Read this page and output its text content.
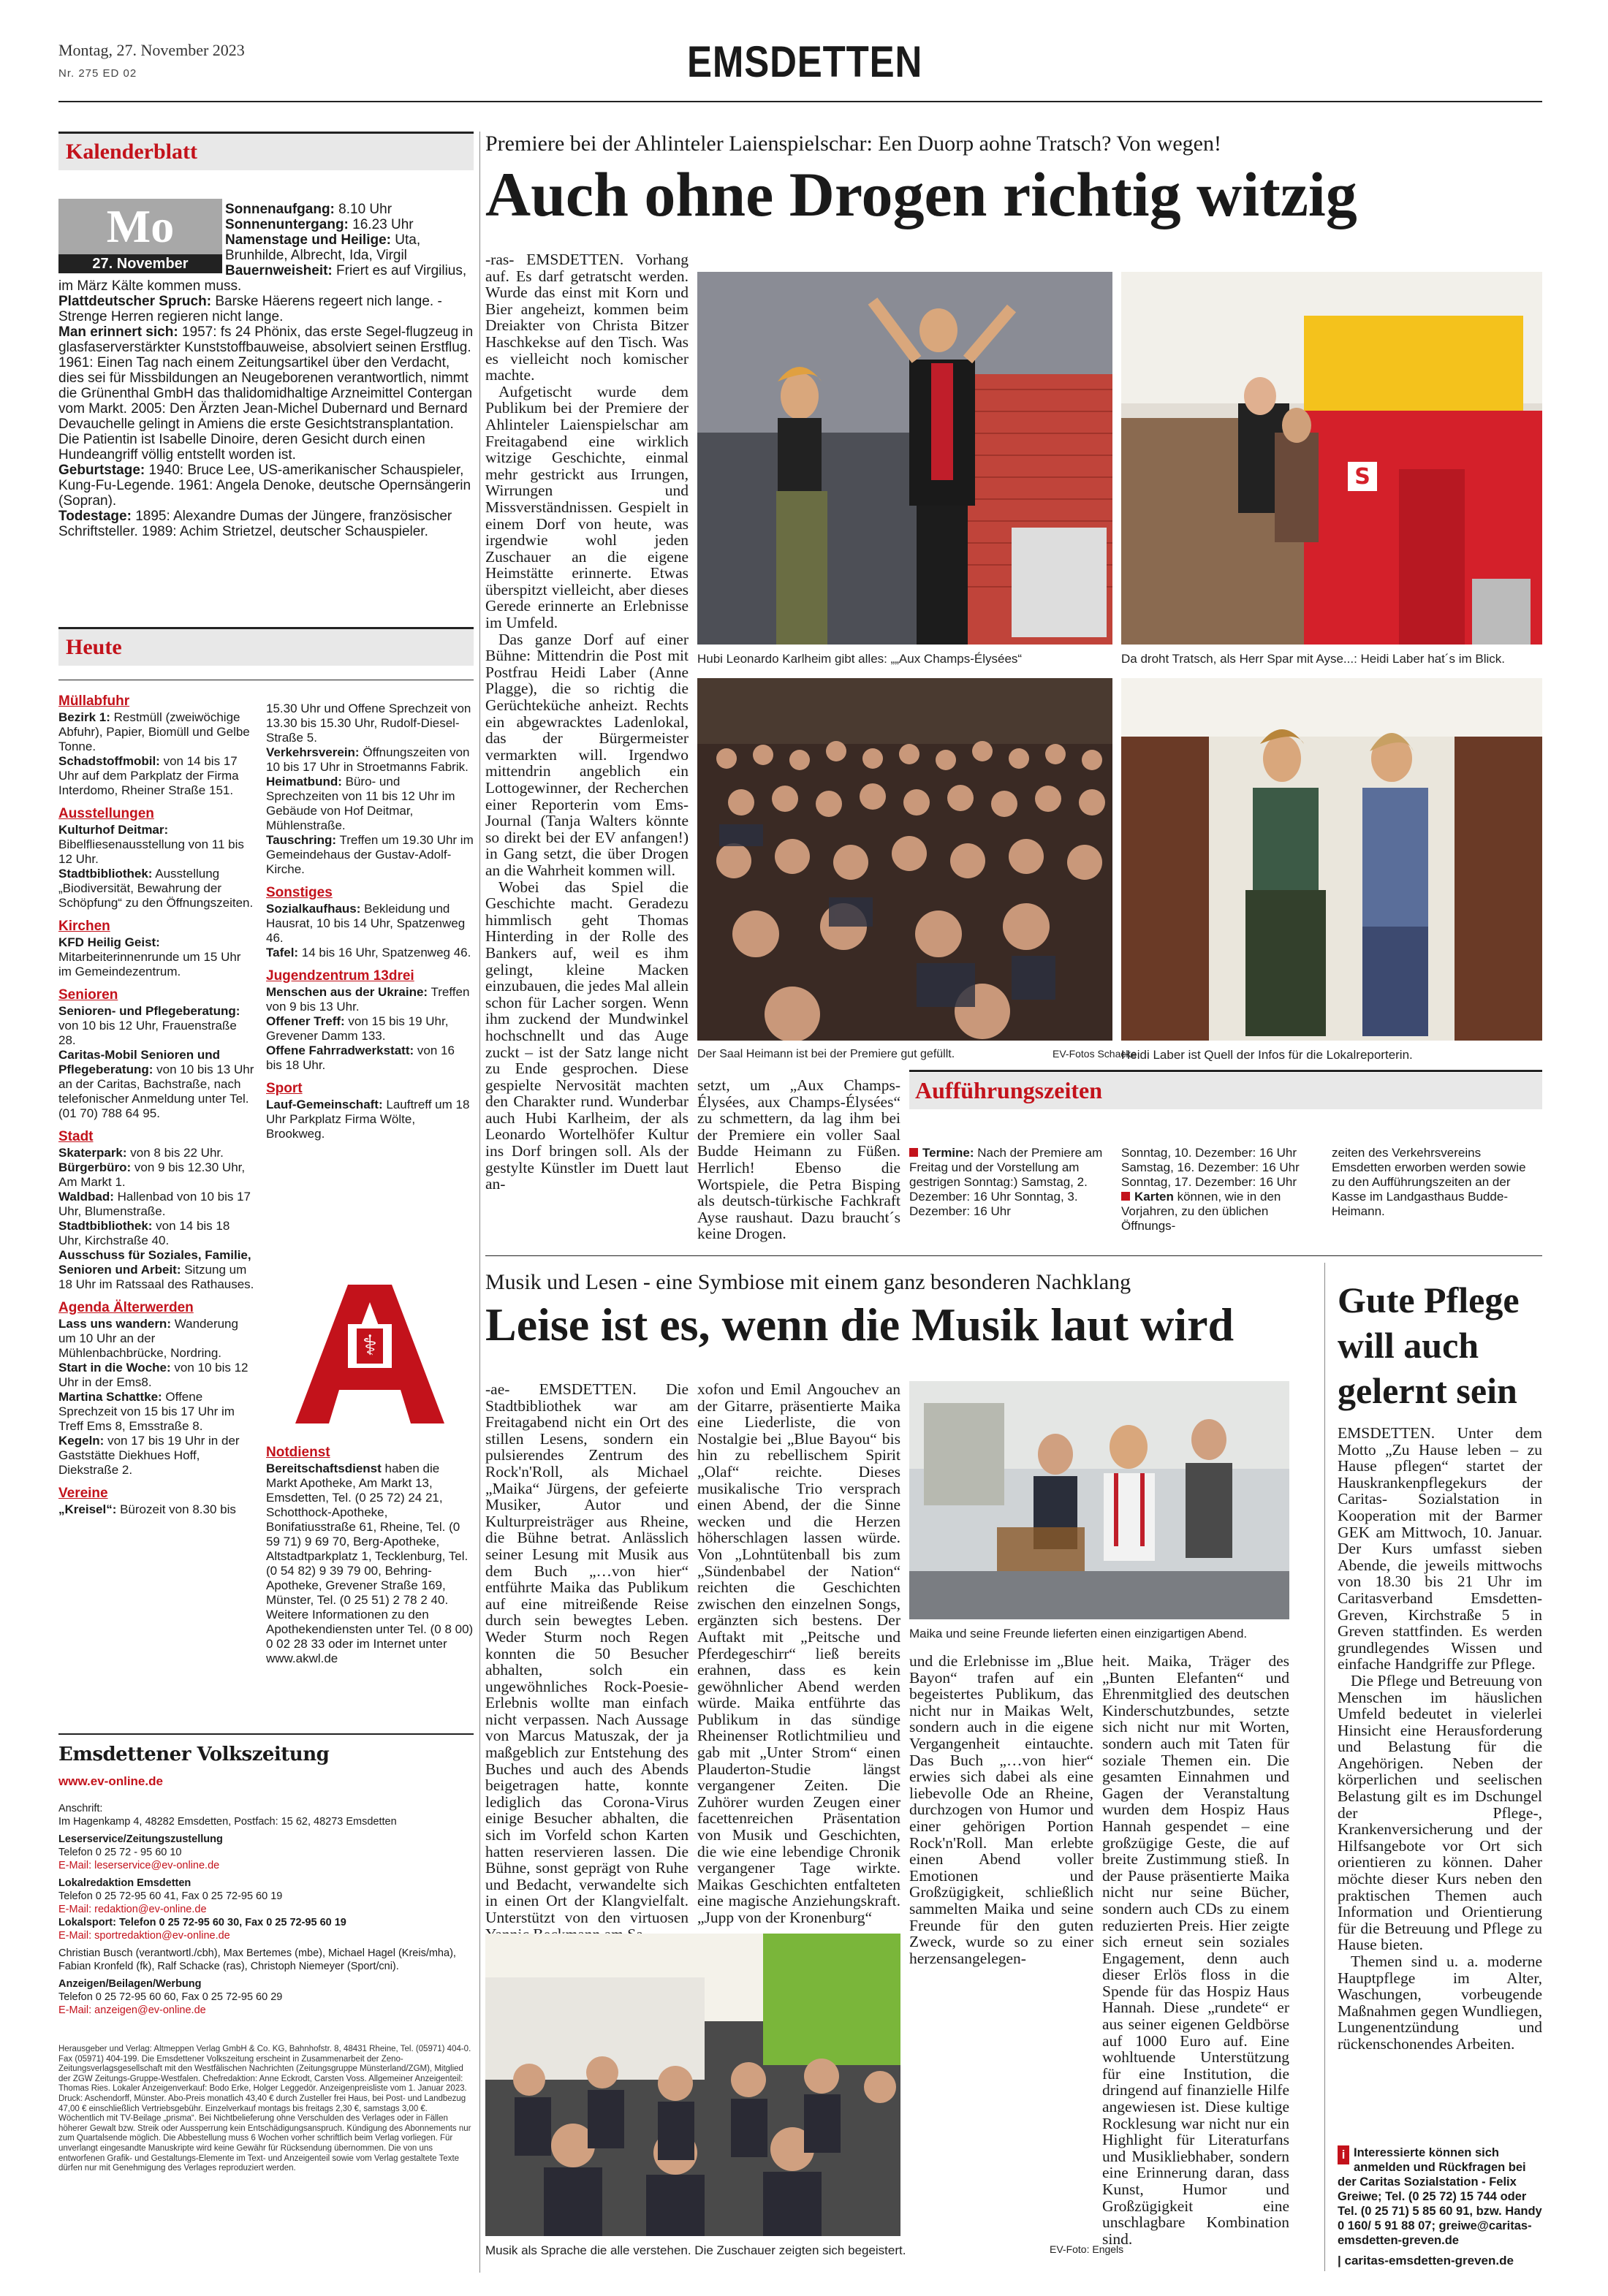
Montag, 27. November 2023
Nr. 275 ED 02	EMSDETTEN
Kalenderblatt
Mo
27. November
Sonnenaufgang: 8.10 Uhr
Sonnenuntergang: 16.23 Uhr
Namenstage und Heilige: Uta, Brunhilde, Albrecht, Ida, Virgil
Bauernweisheit: Friert es auf Virgilius, im März Kälte kommen muss.
Plattdeutscher Spruch: Barske Häerens regeert nich lange. - Strenge Herren regieren nicht lange.
Man erinnert sich: 1957: fs 24 Phönix, das erste Segel-flugzeug in glasfaserverstärkter Kunststoffbauweise, absolviert seinen Erstflug. 1961: Einen Tag nach einem Zeitungsartikel über den Verdacht, dies sei für Missbildungen an Neugeborenen verantwortlich, nimmt die Grünenthal GmbH das thalidomidhaltige Arzneimittel Contergan vom Markt. 2005: Den Ärzten Jean-Michel Dubernard und Bernard Devauchelle gelingt in Amiens die erste Gesichtstransplantation. Die Patientin ist Isabelle Dinoire, deren Gesicht durch einen Hundeangriff völlig entstellt worden ist.
Geburtstage: 1940: Bruce Lee, US-amerikanischer Schauspieler, Kung-Fu-Legende. 1961: Angela Denoke, deutsche Opernsängerin (Sopran).
Todestage: 1895: Alexandre Dumas der Jüngere, französischer Schriftsteller. 1989: Achim Strietzel, deutscher Schauspieler.
Heute
Müllabfuhr
Bezirk 1: Restmüll (zweiwöchige Abfuhr), Papier, Biomüll und Gelbe Tonne.
Schadstoffmobil: von 14 bis 17 Uhr auf dem Parkplatz der Firma Interdomo, Rheiner Straße 151.
Ausstellungen
Kulturhof Deitmar: Bibelfliesenausstellung von 11 bis 12 Uhr.
Stadtbibliothek: Ausstellung „Biodiversität, Bewahrung der Schöpfung“ zu den Öffnungszeiten.
Kirchen
KFD Heilig Geist: Mitarbeiterinnenrunde um 15 Uhr im Gemeindezentrum.
Senioren
Senioren- und Pflegeberatung: von 10 bis 12 Uhr, Frauenstraße 28.
Caritas-Mobil Senioren und Pflegeberatung: von 10 bis 13 Uhr an der Caritas, Bachstraße, nach telefonischer Anmeldung unter Tel. (01 70) 788 64 95.
Stadt
Skaterpark: von 8 bis 22 Uhr.
Bürgerbüro: von 9 bis 12.30 Uhr, Am Markt 1.
Waldbad: Hallenbad von 10 bis 17 Uhr, Blumenstraße.
Stadtbibliothek: von 14 bis 18 Uhr, Kirchstraße 40.
Ausschuss für Soziales, Familie, Senioren und Arbeit: Sitzung um 18 Uhr im Ratssaal des Rathauses.
Agenda Älterwerden
Lass uns wandern: Wanderung um 10 Uhr an der Mühlenbachbrücke, Nordring.
Start in die Woche: von 10 bis 12 Uhr in der Ems8.
Martina Schattke: Offene Sprechzeit von 15 bis 17 Uhr im Treff Ems 8, Emsstraße 8.
Kegeln: von 17 bis 19 Uhr in der Gaststätte Diekhues Hoff, Diekstraße 2.
Vereine
„Kreisel“: Bürozeit von 8.30 bis
15.30 Uhr und Offene Sprechzeit von 13.30 bis 15.30 Uhr, Rudolf-Diesel-Straße 5.
Verkehrsverein: Öffnungszeiten von 10 bis 17 Uhr in Stroetmanns Fabrik.
Heimatbund: Büro- und Sprechzeiten von 11 bis 12 Uhr im Gebäude von Hof Deitmar, Mühlenstraße.
Tauschring: Treffen um 19.30 Uhr im Gemeindehaus der Gustav-Adolf-Kirche.
Sonstiges
Sozialkaufhaus: Bekleidung und Hausrat, 10 bis 14 Uhr, Spatzenweg 46.
Tafel: 14 bis 16 Uhr, Spatzenweg 46.
Jugendzentrum 13drei
Menschen aus der Ukraine: Treffen von 9 bis 13 Uhr.
Offener Treff: von 15 bis 19 Uhr, Grevener Damm 133.
Offene Fahrradwerkstatt: von 16 bis 18 Uhr.
Sport
Lauf-Gemeinschaft: Lauftreff um 18 Uhr Parkplatz Firma Wölte, Brookweg.
⚕
Notdienst
Bereitschaftsdienst haben die Markt Apotheke, Am Markt 13, Emsdetten, Tel. (0 25 72) 24 21, Schotthock-Apotheke, Bonifatiusstraße 61, Rheine, Tel. (0 59 71) 9 69 70, Berg-Apotheke, Altstadtparkplatz 1, Tecklenburg, Tel. (0 54 82) 9 39 79 00, Behring-Apotheke, Grevener Straße 169, Münster, Tel. (0 25 51) 2 78 2 40. Weitere Informationen zu den Apothekendiensten unter Tel. (0 8 00) 0 02 28 33 oder im Internet unter www.akwl.de
Emsdettener Volkszeitung
www.ev-online.de
Anschrift:
Im Hagenkamp 4, 48282 Emsdetten, Postfach: 15 62, 48273 Emsdetten
Leserservice/Zeitungszustellung
Telefon 0 25 72 - 95 60 10
E-Mail: leserservice@ev-online.de
Lokalredaktion Emsdetten
Telefon 0 25 72-95 60 41, Fax 0 25 72-95 60 19
E-Mail: redaktion@ev-online.de
Lokalsport: Telefon 0 25 72-95 60 30, Fax 0 25 72-95 60 19
E-Mail: sportredaktion@ev-online.de
Christian Busch (verantwortl./cbh), Max Bertemes (mbe), Michael Hagel (Kreis/mha), Fabian Kronfeld (fk), Ralf Schacke (ras), Christoph Niemeyer (Sport/cni).
Anzeigen/Beilagen/Werbung
Telefon 0 25 72-95 60 60, Fax 0 25 72-95 60 29
E-Mail: anzeigen@ev-online.de
Herausgeber und Verlag: Altmeppen Verlag GmbH & Co. KG, Bahnhofstr. 8, 48431 Rheine, Tel. (05971) 404-0. Fax (05971) 404-199. Die Emsdettener Volkszeitung erscheint in Zusammenarbeit der Zeno-Zeitungsverlagsgesellschaft mit den Westfälischen Nachrichten (Zeitungsgruppe Münsterland/ZGM), Mitglied der ZGW Zeitungs-Gruppe-Westfalen. Chefredaktion: Anne Eckrodt, Carsten Voss. Allgemeiner Anzeigenteil: Thomas Ries. Lokaler Anzeigenverkauf: Bodo Erke, Holger Leggedör. Anzeigenpreisliste vom 1. Januar 2023. Druck: Aschendorff, Münster. Abo-Preis monatlich 43,40 € durch Zusteller frei Haus, bei Post- und Landbezug 47,00 € einschließlich Vertriebsgebühr. Einzelverkauf montags bis freitags 2,30 €, samstags 3,00 €. Wöchentlich mit TV-Beilage „prisma“. Bei Nichtbelieferung ohne Verschulden des Verlages oder in Fällen höherer Gewalt bzw. Streik oder Aussperrung kein Entschädigungsanspruch. Kündigung des Abonnements nur zum Quartalsende möglich. Die Abbestellung muss 6 Wochen vorher schriftlich beim Verlag vorliegen. Für unverlangt eingesandte Manuskripte wird keine Gewähr für Rücksendung übernommen. Die von uns entworfenen Grafik- und Gestaltungs-Elemente im Text- und Anzeigenteil sowie vom Verlag gestaltete Texte dürfen nur mit Genehmigung des Verlages reproduziert werden.
Premiere bei der Ahlinteler Laienspielschar: Een Duorp aohne Tratsch? Von wegen!
Auch ohne Drogen richtig witzig

-ras- EMSDETTEN. Vorhang auf. Es darf getratscht werden. Wurde das einst mit Korn und Bier angeheizt, kommen beim Dreiakter von Christa Bitzer Haschkekse auf den Tisch. Was es vielleicht noch komischer machte.

Aufgetischt wurde dem Publikum bei der Premiere der Ahlinteler Laienspielschar am Freitagabend eine wirklich witzige Geschichte, einmal mehr gestrickt aus Irrungen, Wirrungen und Missverständnissen. Gespielt in einem Dorf von heute, was irgendwie wohl jeden Zuschauer an die eigene Heimstätte erinnerte. Etwas überspitzt vielleicht, aber dieses Gerede erinnerte an Erlebnisse im Umfeld.

Das ganze Dorf auf einer Bühne: Mittendrin die Post mit Postfrau Heidi Laber (Anne Plagge), die so richtig die Gerüchteküche anheizt. Rechts ein abgewracktes Ladenlokal, das der Bürgermeister vermarkten will. Irgendwo mittendrin angeblich ein Lottogewinner, der Recherchen einer Reporterin vom Ems-Journal (Tanja Walters könnte so direkt bei der EV anfangen!) in Gang setzt, die über Drogen an die Wahrheit kommen will.

Wobei das Spiel die Geschichte macht. Geradezu himmlisch geht Thomas Hinterding in der Rolle des Bankers auf, weil es ihm gelingt, kleine Macken einzubauen, die jedes Mal allein schon für Lacher sorgen. Wenn ihm zuckend der Mundwinkel hochschnellt und das Auge zuckt – ist der Satz lange nicht zu Ende gesprochen. Diese gespielte Nervosität machten den Charakter rund. Wunderbar auch Hubi Karlheim, der als Leonardo Wortelhöfer Kultur ins Dorf bringen soll. Als der gestylte Künstler im Duett laut an-

Hubi Leonardo Karlheim gibt alles: „„Aux Champs-Élysées“
S
Da droht Tratsch, als Herr Spar mit Ayse...: Heidi Laber hat´s im Blick.
Der Saal Heimann ist bei der Premiere gut gefüllt.	EV-Fotos Schacke
Heidi Laber ist Quell der Infos für die Lokalreporterin.
setzt, um „Aux Champs-Élysées, aux Champs-Élysées“ zu schmettern, da lag ihm bei der Premiere ein voller Saal Budde Heimann zu Füßen. Herrlich! Ebenso die Wortspiele, die Petra Bisping als deutsch-türkische Fachkraft Ayse raushaut. Dazu braucht´s keine Drogen.
Aufführungszeiten
Termine: Nach der Premiere am Freitag und der Vorstellung am gestrigen Sonntag:) Samstag, 2. Dezember: 16 Uhr Sonntag, 3. Dezember: 16 Uhr
Sonntag, 10. Dezember: 16 Uhr Samstag, 16. Dezember: 16 Uhr Sonntag, 17. Dezember: 16 Uhr
Karten können, wie in den Vorjahren, zu den üblichen Öffnungs-
zeiten des Verkehrsvereins Emsdetten erworben werden sowie zu den Aufführungszeiten an der Kasse im Landgasthaus Budde-Heimann.
Musik und Lesen - eine Symbiose mit einem ganz besonderen Nachklang
Leise ist es, wenn die Musik laut wird
-ae- EMSDETTEN. Die Stadtbibliothek war am Freitagabend nicht ein Ort des stillen Lesens, sondern ein pulsierendes Zentrum des Rock'n'Roll, als Michael „Maika“ Jürgens, der gefeierte Musiker, Autor und Kulturpreisträger aus Rheine, die Bühne betrat. Anlässlich seiner Lesung mit Musik aus dem Buch „…von hier“ entführte Maika das Publikum auf eine mitreißende Reise durch sein bewegtes Leben. Weder Sturm noch Regen konnten die 50 Besucher abhalten, solch ein ungewöhnliches Rock-Poesie-Erlebnis wollte man einfach nicht verpassen. Nach Aussage von Marcus Matuszak, der ja maßgeblich zur Entstehung des Buches und auch des Abends beigetragen hatte, konnte lediglich das Corona-Virus einige Besucher abhalten, die sich im Vorfeld schon Karten hatten reservieren lassen. Die Bühne, sonst geprägt von Ruhe und Bedacht, verwandelte sich in einen Ort der Klangvielfalt. Unterstützt von den virtuosen
xofon und Emil Angouchev an der Gitarre, präsentierte Maika eine Liederliste, die von Nostalgie bei „Blue Bayou“ bis hin zu rebellischem Spirit „Olaf“ reichte. Dieses musikalische Trio versprach einen Abend, der die Sinne wecken und die Herzen höherschlagen lassen würde. Von „Lohntütenball bis zum „Sündenbabel der Nation“ reichten die Geschichten zwischen den einzelnen Songs, ergänzten sich bestens. Der Auftakt mit „Peitsche und Pferdegeschirr“ ließ bereits erahnen, dass es kein gewöhnlicher Abend werden würde. Maika entführte das Publikum in das sündige Rheinenser Rotlichtmilieu und gab mit „Unter Strom“ einen Plauderton-Studie längst vergangener Zeiten. Die Zuhörer wurden Zeugen einer facettenreichen Präsentation von Musik und Geschichten, die wie eine lebendige Chronik vergangener Tage wirkte. Maikas Geschichten entfalteten eine magische Anziehungskraft. „Jupp von der Kronenburg“
Maika und seine Freunde lieferten einen einzigartigen Abend.
und die Erlebnisse im „Blue Bayon“ trafen auf ein begeistertes Publikum, das nicht nur in Maikas Welt, sondern auch in die eigene Vergangenheit eintauchte. Das Buch „…von hier“ erwies sich dabei als eine liebevolle Ode an Rheine, durchzogen von Humor und einer gehörigen Portion Rock'n'Roll. Man erlebte einen Abend voller Emotionen und Großzügigkeit, schließlich sammelten Maika und seine Freunde für den guten Zweck, wurde so zu einer herzensangelegen-
heit. Maika, Träger des „Bunten Elefanten“ und Ehrenmitglied des deutschen Kinderschutzbundes, setzte sich nicht nur mit Worten, sondern auch mit Taten für soziale Themen ein. Die gesamten Einnahmen und Gagen der Veranstaltung wurden dem Hospiz Haus Hannah gespendet – eine großzügige Geste, die auf breite Zustimmung stieß. In der Pause präsentierte Maika nicht nur seine Bücher, sondern auch CDs zu einem reduzierten Preis. Hier zeigte sich erneut sein soziales Engagement, denn auch dieser Erlös floss in die Spende für das Hospiz Haus Hannah. Diese „rundete“ er aus seiner eigenen Geldbörse auf 1000 Euro auf. Eine wohltuende Unterstützung für eine Institution, die dringend auf finanzielle Hilfe angewiesen ist. Diese kultige Rocklesung war nicht nur ein Highlight für Literaturfans und Musikliebhaber, sondern eine Erinnerung daran, dass Kunst, Humor und Großzügigkeit eine unschlagbare Kombination sind.
Musik als Sprache die alle verstehen. Die Zuschauer zeigten sich begeistert.	EV-Foto: Engels
Gute Pflege will auch gelernt sein

EMSDETTEN. Unter dem Motto „Zu Hause leben – zu Hause pflegen“ startet der Hauskrankenpflegekurs der Caritas- Sozialstation in Kooperation mit der Barmer GEK am Mittwoch, 10. Januar. Der Kurs umfasst sieben Abende, die jeweils mittwochs von 18.30 bis 21 Uhr im Caritasverband Emsdetten-Greven, Kirchstraße 5 in Greven stattfinden. Es werden grundlegendes Wissen und einfache Handgriffe zur Pflege.

Die Pflege und Betreuung von Menschen im häuslichen Umfeld bedeutet in vielerlei Hinsicht eine Herausforderung und Belastung für die Angehörigen. Neben der körperlichen und seelischen Belastung gilt es im Dschungel der Pflege-, Krankenversicherung und der Hilfsangebote vor Ort sich orientieren zu können. Daher möchte dieser Kurs neben den praktischen Themen auch Information und Orientierung für die Betreuung und Pflege zu Hause bieten.

Themen sind u. a. moderne Hauptpflege im Alter, Waschungen, vorbeugende Maßnahmen gegen Wundliegen, Lungenentzündung und rückenschonendes Arbeiten.

i Interessierte können sich anmelden und Rückfragen bei der Caritas Sozialstation - Felix Greiwe; Tel. (0 25 72) 15 744 oder Tel. (0 25 71) 5 85 60 91, bzw. Handy 0 160/ 5 91 88 07; greiwe@caritas-emsdetten-greven.de
| caritas-emsdetten-greven.de
